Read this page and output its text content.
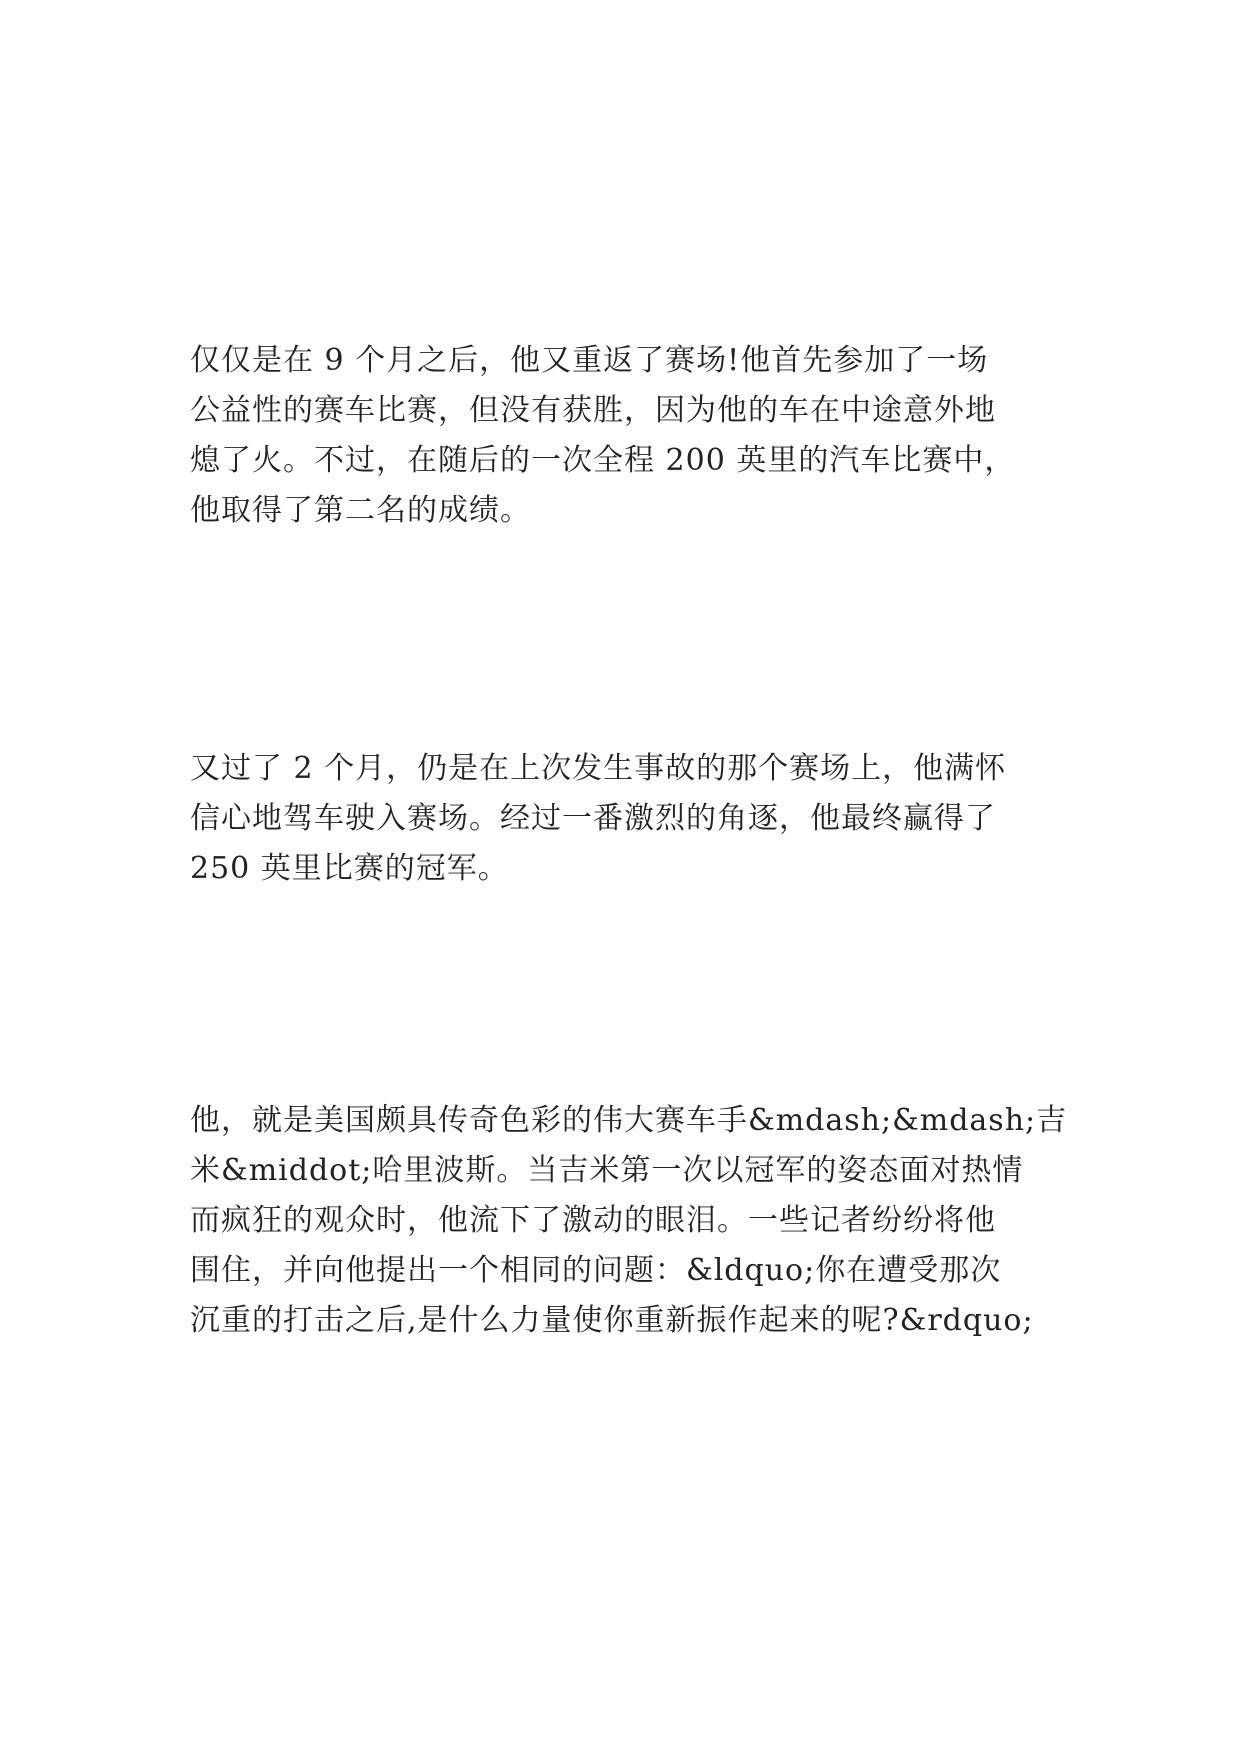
仅仅是在 9 个月之后，他又重返了赛场!他首先参加了一场
公益性的赛车比赛，但没有获胜，因为他的车在中途意外地
熄了火。不过，在随后的一次全程 200 英里的汽车比赛中，
他取得了第二名的成绩。
又过了 2 个月，仍是在上次发生事故的那个赛场上，他满怀
信心地驾车驶入赛场。经过一番激烈的角逐，他最终赢得了
250 英里比赛的冠军。
他，就是美国颇具传奇色彩的伟大赛车手&mdash;&mdash;吉
米&middot;哈里波斯。当吉米第一次以冠军的姿态面对热情
而疯狂的观众时，他流下了激动的眼泪。一些记者纷纷将他
围住，并向他提出一个相同的问题：&ldquo;你在遭受那次
沉重的打击之后,是什么力量使你重新振作起来的呢?&rdquo;
